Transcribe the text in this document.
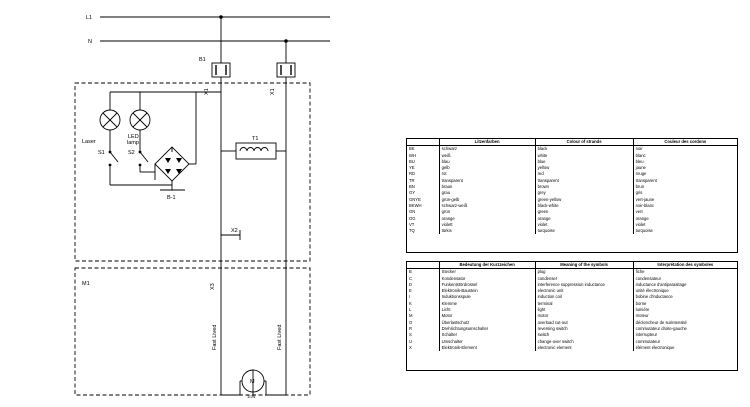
L1
N
B1
X1	X1
Laser
LED
lamp
S1	S2
B-1
T1
X2
M1	X3
Fast Lived	Fast Lived
M
1/2N
	Litzenfarben	Colour of strands	Couleur des cordons
BK	schwarz	black	noir
WH	weiß	white	blanc
BU	blau	blue	bleu
YE	gelb	yellow	jaune
RD	rot	red	rouge
TR	transparent	transparent	transparent
BN	braun	brown	brun
GY	grau	grey	gris
GNYE	grün-gelb	green-yellow	vert-jaune
BKWH	schwarz-weiß	black-white	noir-blanc
GN	grün	green	vert
OG	orange	orange	orange
VT	violett	violet	violet
TQ	türkis	turquoise	turquoise
	Bedeutung der Kurzzeichen	Meaning of the symbols	Interprétation des symboles
B	Stecker	plug	fiche
C	Kondensator	condenser	condensateur
D	Funkentstördrossel	interference suppression inductance	inductance d'antiparasitage
E	Elektronik-Baustein	electronic unit	unité électronique
I	Induktionsspule	induction coil	bobine d'inductance
K	Klemme	terminal	borne
L	Licht	light	lumière
M	Motor	motor	moteur
O	Überlastschutz	overload cut-out	déclencheur de surintensité
R	Drehrichtungsumschalter	reversing switch	commutateur droite-gauche
S	Schalter	switch	interrupteur
U	Umschalter	change-over switch	commutateur
X	Elektronik-Element	electronic element	élément électronique
